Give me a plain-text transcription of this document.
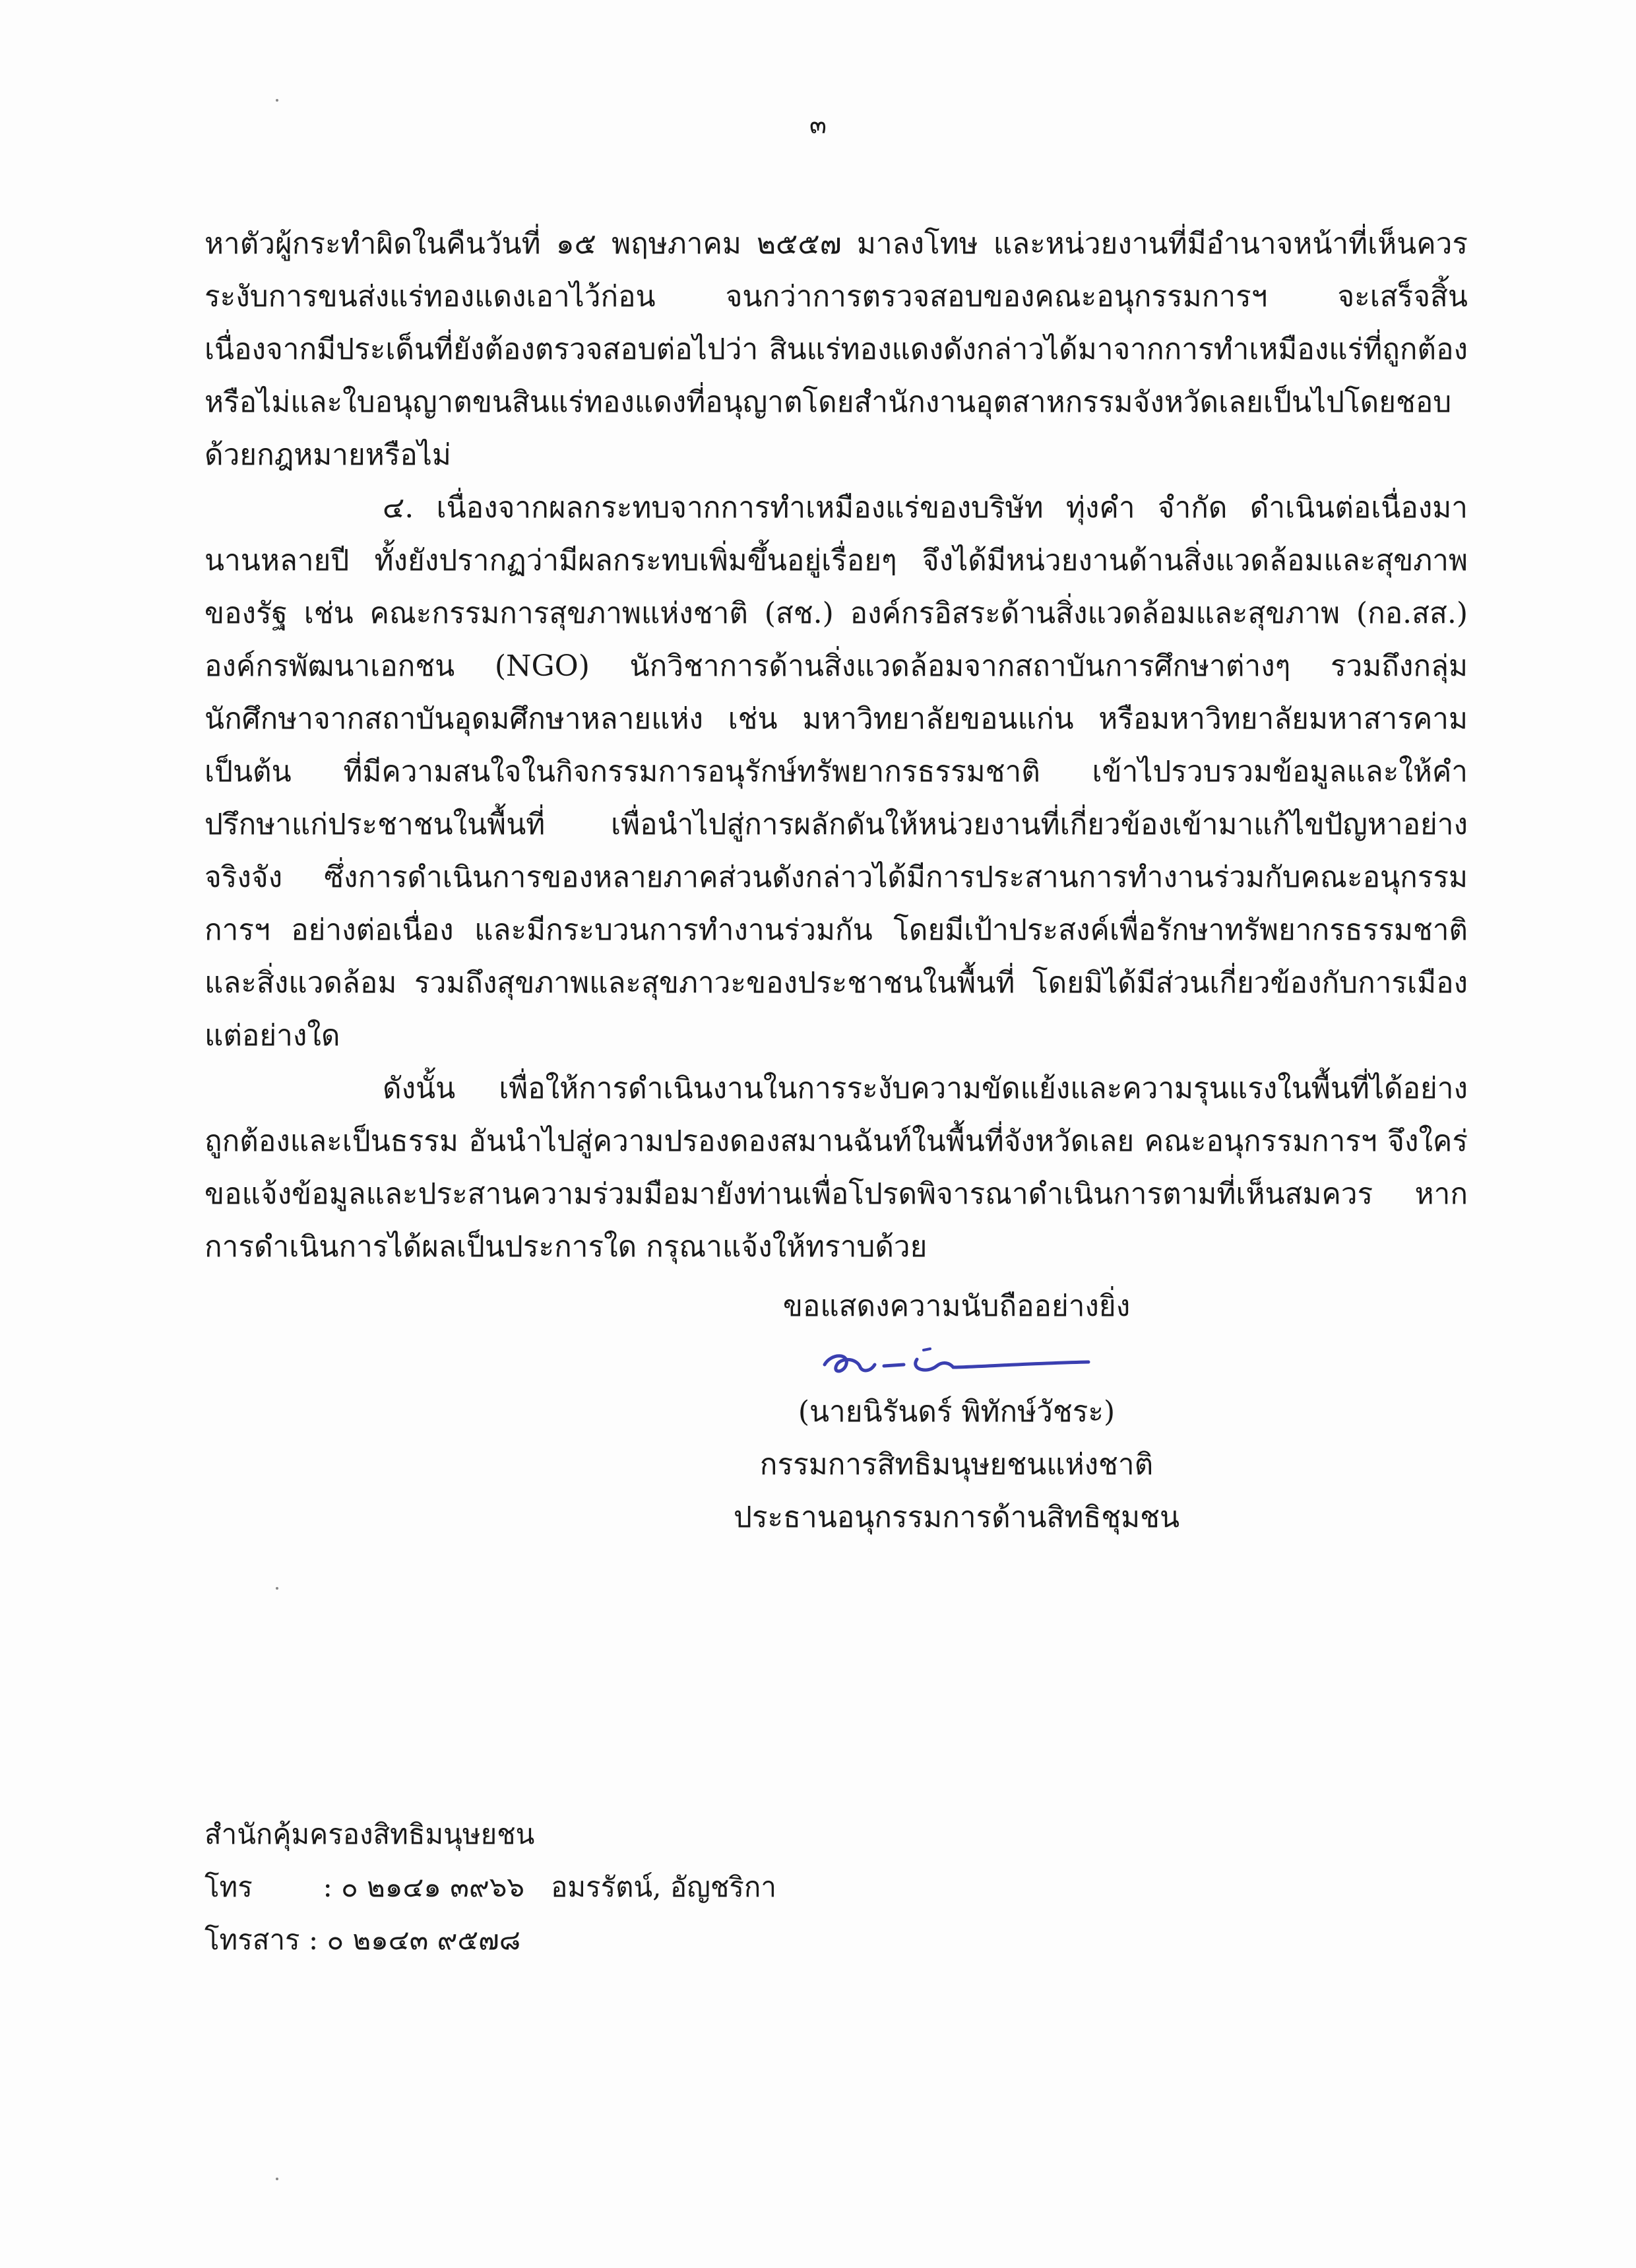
๓

หาตัวผู้กระทำผิดในคืนวันที่ ๑๕ พฤษภาคม ๒๕๕๗ มาลงโทษ และหน่วยงานที่มีอำนาจหน้าที่เห็นควรระงับการขนส่งแร่ทองแดงเอาไว้ก่อน จนกว่าการตรวจสอบของคณะอนุกรรมการฯ จะเสร็จสิ้น เนื่องจากมีประเด็นที่ยังต้องตรวจสอบต่อไปว่า สินแร่ทองแดงดังกล่าวได้มาจากการทำเหมืองแร่ที่ถูกต้องหรือไม่และใบอนุญาตขนสินแร่ทองแดงที่อนุญาตโดยสำนักงานอุตสาหกรรมจังหวัดเลยเป็นไปโดยชอบด้วยกฎหมายหรือไม่

๔. เนื่องจากผลกระทบจากการทำเหมืองแร่ของบริษัท ทุ่งคำ จำกัด ดำเนินต่อเนื่องมานานหลายปี ทั้งยังปรากฏว่ามีผลกระทบเพิ่มขึ้นอยู่เรื่อยๆ จึงได้มีหน่วยงานด้านสิ่งแวดล้อมและสุขภาพของรัฐ เช่น คณะกรรมการสุขภาพแห่งชาติ (สช.) องค์กรอิสระด้านสิ่งแวดล้อมและสุขภาพ (กอ.สส.) องค์กรพัฒนาเอกชน (NGO) นักวิชาการด้านสิ่งแวดล้อมจากสถาบันการศึกษาต่างๆ รวมถึงกลุ่มนักศึกษาจากสถาบันอุดมศึกษาหลายแห่ง เช่น มหาวิทยาลัยขอนแก่น หรือมหาวิทยาลัยมหาสารคาม เป็นต้น ที่มีความสนใจในกิจกรรมการอนุรักษ์ทรัพยากรธรรมชาติ เข้าไปรวบรวมข้อมูลและให้คำปรึกษาแก่ประชาชนในพื้นที่ เพื่อนำไปสู่การผลักดันให้หน่วยงานที่เกี่ยวข้องเข้ามาแก้ไขปัญหาอย่างจริงจัง ซึ่งการดำเนินการของหลายภาคส่วนดังกล่าวได้มีการประสานการทำงานร่วมกับคณะอนุกรรมการฯ อย่างต่อเนื่อง และมีกระบวนการทำงานร่วมกัน โดยมีเป้าประสงค์เพื่อรักษาทรัพยากรธรรมชาติและสิ่งแวดล้อม รวมถึงสุขภาพและสุขภาวะของประชาชนในพื้นที่ โดยมิได้มีส่วนเกี่ยวข้องกับการเมืองแต่อย่างใด

ดังนั้น เพื่อให้การดำเนินงานในการระงับความขัดแย้งและความรุนแรงในพื้นที่ได้อย่างถูกต้องและเป็นธรรม อันนำไปสู่ความปรองดองสมานฉันท์ในพื้นที่จังหวัดเลย คณะอนุกรรมการฯ จึงใคร่ขอแจ้งข้อมูลและประสานความร่วมมือมายังท่านเพื่อโปรดพิจารณาดำเนินการตามที่เห็นสมควร หากการดำเนินการได้ผลเป็นประการใด กรุณาแจ้งให้ทราบด้วย

ขอแสดงความนับถืออย่างยิ่ง
(นายนิรันดร์ พิทักษ์วัชระ)
กรรมการสิทธิมนุษยชนแห่งชาติ
ประธานอนุกรรมการด้านสิทธิชุมชน
สำนักคุ้มครองสิทธิมนุษยชน
โทร	: ๐ ๒๑๔๑ ๓๙๖๖ อมรรัตน์, อัญชริกา
โทรสาร : ๐ ๒๑๔๓ ๙๕๗๘
